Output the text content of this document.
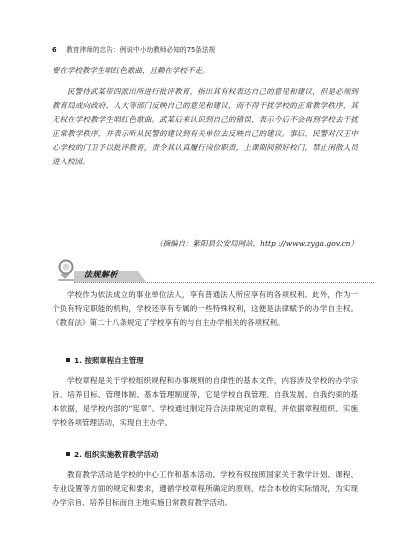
6 教育律师的忠告：例说中小幼教师必知的75条法规

要在学校教学生唱红色歌曲，且赖在学校不走。

民警待武某带四派出所进行批评教育，指出其有权表达自己的意见和建议，但是必须到教育局或向政府、人大等部门反映自己的意见和建议，而不得干扰学校的正常教学秩序，其无权在学校教学生唱红色歌曲。武某后来认识到自己的错误，表示今后不会再到学校去干扰正常教学秩序，并表示听从民警的建议到有关单位去反映自己的建议。事后，民警对汉王中心学校的门卫予以批评教育，责令其认真履行岗位职责，上课期间锁好校门，禁止闲散人员进入校园。

（摘编自：紫阳县公安局网站，http ://www.zyga.gov.cn）
法规解析

学校作为依法成立的事业单位法人，享有普通法人所应享有的各项权利。此外，作为一个负有特定职能的机构，学校还享有专属的一些特殊权利，这便是法律赋予的办学自主权。《教育法》第二十八条规定了学校享有的与自主办学相关的各项权利。

1. 按照章程自主管理

学校章程是关于学校组织规程和办事规则的自律性的基本文件，内容涉及学校的办学宗旨、培养目标、管理体制、基本管理制度等，它是学校自我管理、自我发展、自我约束的基本依据，是学校内部的“宪章”。学校通过制定符合法律规定的章程，并依据章程组织、实施学校各项管理活动，实现自主办学。

2. 组织实施教育教学活动

教育教学活动是学校的中心工作和基本活动。学校有权按照国家关于教学计划、课程、专业设置等方面的规定和要求，遵循学校章程所确定的原则，结合本校的实际情况，为实现办学宗旨、培养目标而自主地实施日常教育教学活动。
